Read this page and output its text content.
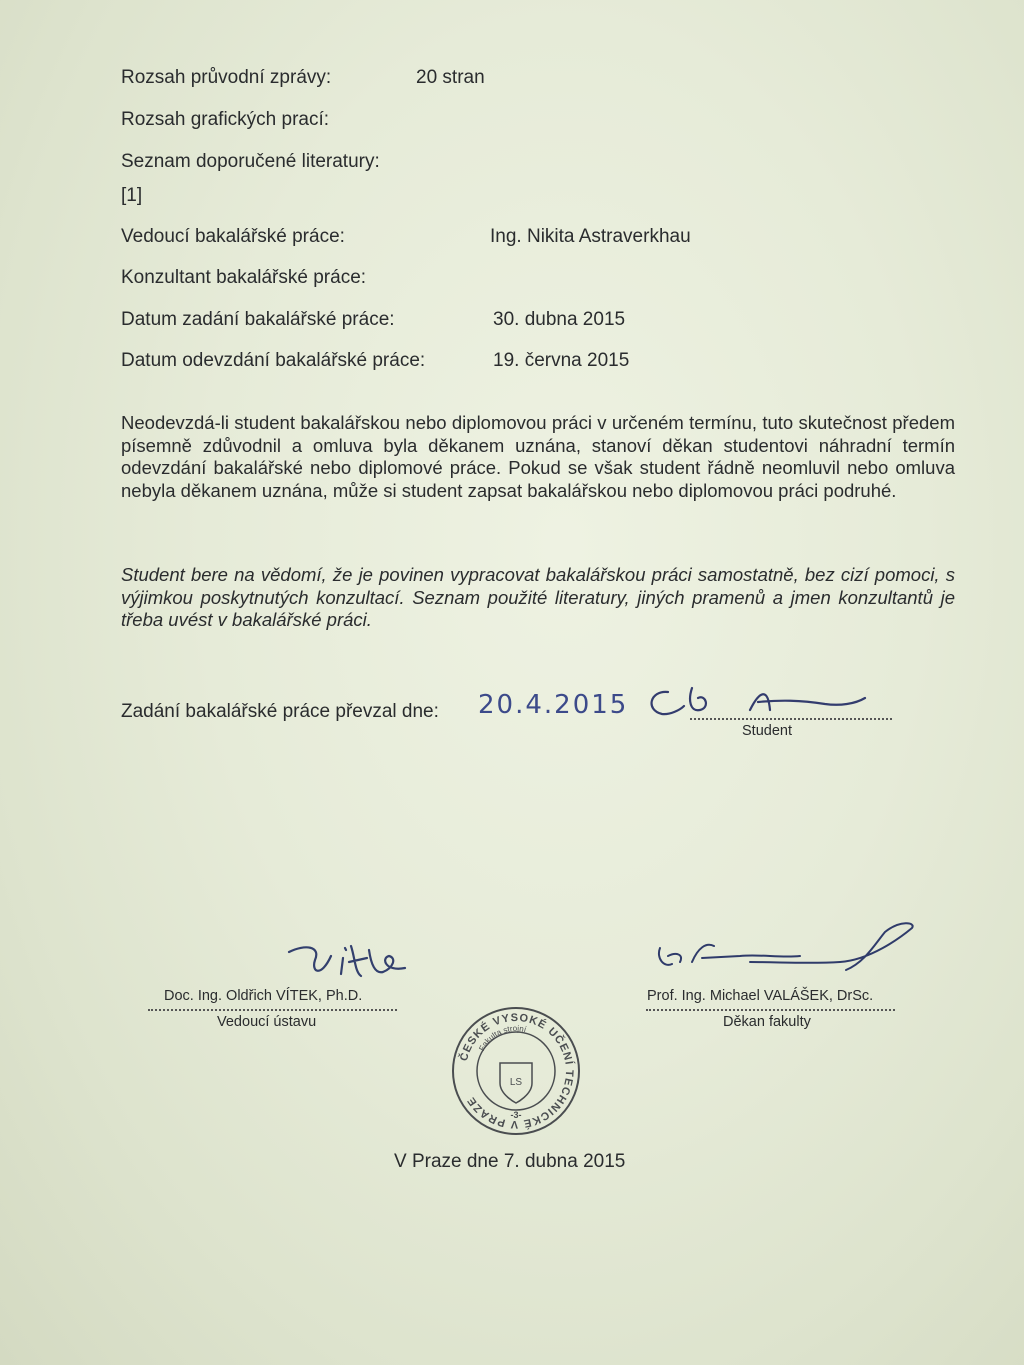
Rozsah průvodní zprávy:	20 stran
Rozsah grafických prací:
Seznam doporučené literatury:
[1]
Vedoucí bakalářské práce:	Ing. Nikita Astraverkhau
Konzultant bakalářské práce:
Datum zadání bakalářské práce:	30. dubna 2015
Datum odevzdání bakalářské práce:	19. června 2015
Neodevzdá-li student bakalářskou nebo diplomovou práci v určeném termínu, tuto skutečnost předem písemně zdůvodnil a omluva byla děkanem uznána, stanoví děkan studentovi náhradní termín odevzdání bakalářské nebo diplomové práce. Pokud se však student řádně neomluvil nebo omluva nebyla děkanem uznána, může si student zapsat bakalářskou nebo diplomovou práci podruhé.
Student bere na vědomí, že je povinen vypracovat bakalářskou práci samostatně, bez cizí pomoci, s výjimkou poskytnutých konzultací. Seznam použité literatury, jiných pramenů a jmen konzultantů je třeba uvést v bakalářské práci.
Zadání bakalářské práce převzal dne: 20.4.2015
Student
Doc. Ing. Oldřich VÍTEK, Ph.D.
Vedoucí ústavu
Prof. Ing. Michael VALÁŠEK, DrSc.
Děkan fakulty
ČESKÉ VYSOKÉ UČENÍ TECHNICKÉ V PRAZE
Fakulta strojní
LS
-3-
V Praze dne 7. dubna 2015
